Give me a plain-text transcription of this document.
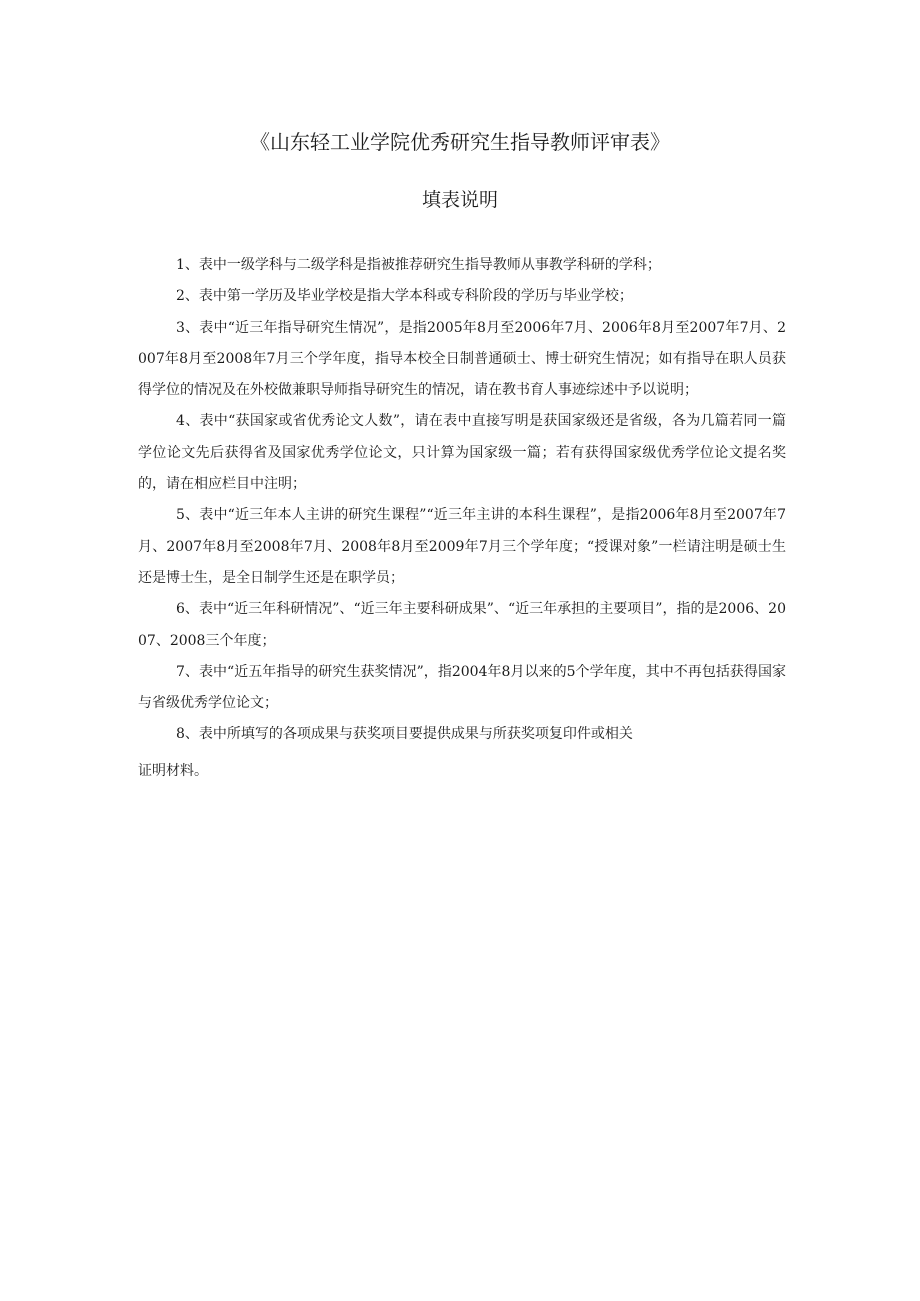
《山东轻工业学院优秀研究生指导教师评审表》
填表说明

1、表中一级学科与二级学科是指被推荐研究生指导教师从事教学科研的学科；

2、表中第一学历及毕业学校是指大学本科或专科阶段的学历与毕业学校；

3、表中“近三年指导研究生情况”，是指2005年8月至2006年7月、2006年8月至2007年7月、2007年8月至2008年7月三个学年度，指导本校全日制普通硕士、博士研究生情况；如有指导在职人员获得学位的情况及在外校做兼职导师指导研究生的情况，请在教书育人事迹综述中予以说明；

4、表中“获国家或省优秀论文人数”，请在表中直接写明是获国家级还是省级，各为几篇若同一篇学位论文先后获得省及国家优秀学位论文，只计算为国家级一篇；若有获得国家级优秀学位论文提名奖的，请在相应栏目中注明；

5、表中“近三年本人主讲的研究生课程”“近三年主讲的本科生课程”，是指2006年8月至2007年7月、2007年8月至2008年7月、2008年8月至2009年7月三个学年度；“授课对象”一栏请注明是硕士生还是博士生，是全日制学生还是在职学员；

6、表中“近三年科研情况”、“近三年主要科研成果”、“近三年承担的主要项目”，指的是2006、2007、2008三个年度；

7、表中“近五年指导的研究生获奖情况”，指2004年8月以来的5个学年度，其中不再包括获得国家与省级优秀学位论文；

8、表中所填写的各项成果与获奖项目要提供成果与所获奖项复印件或相关

证明材料。
